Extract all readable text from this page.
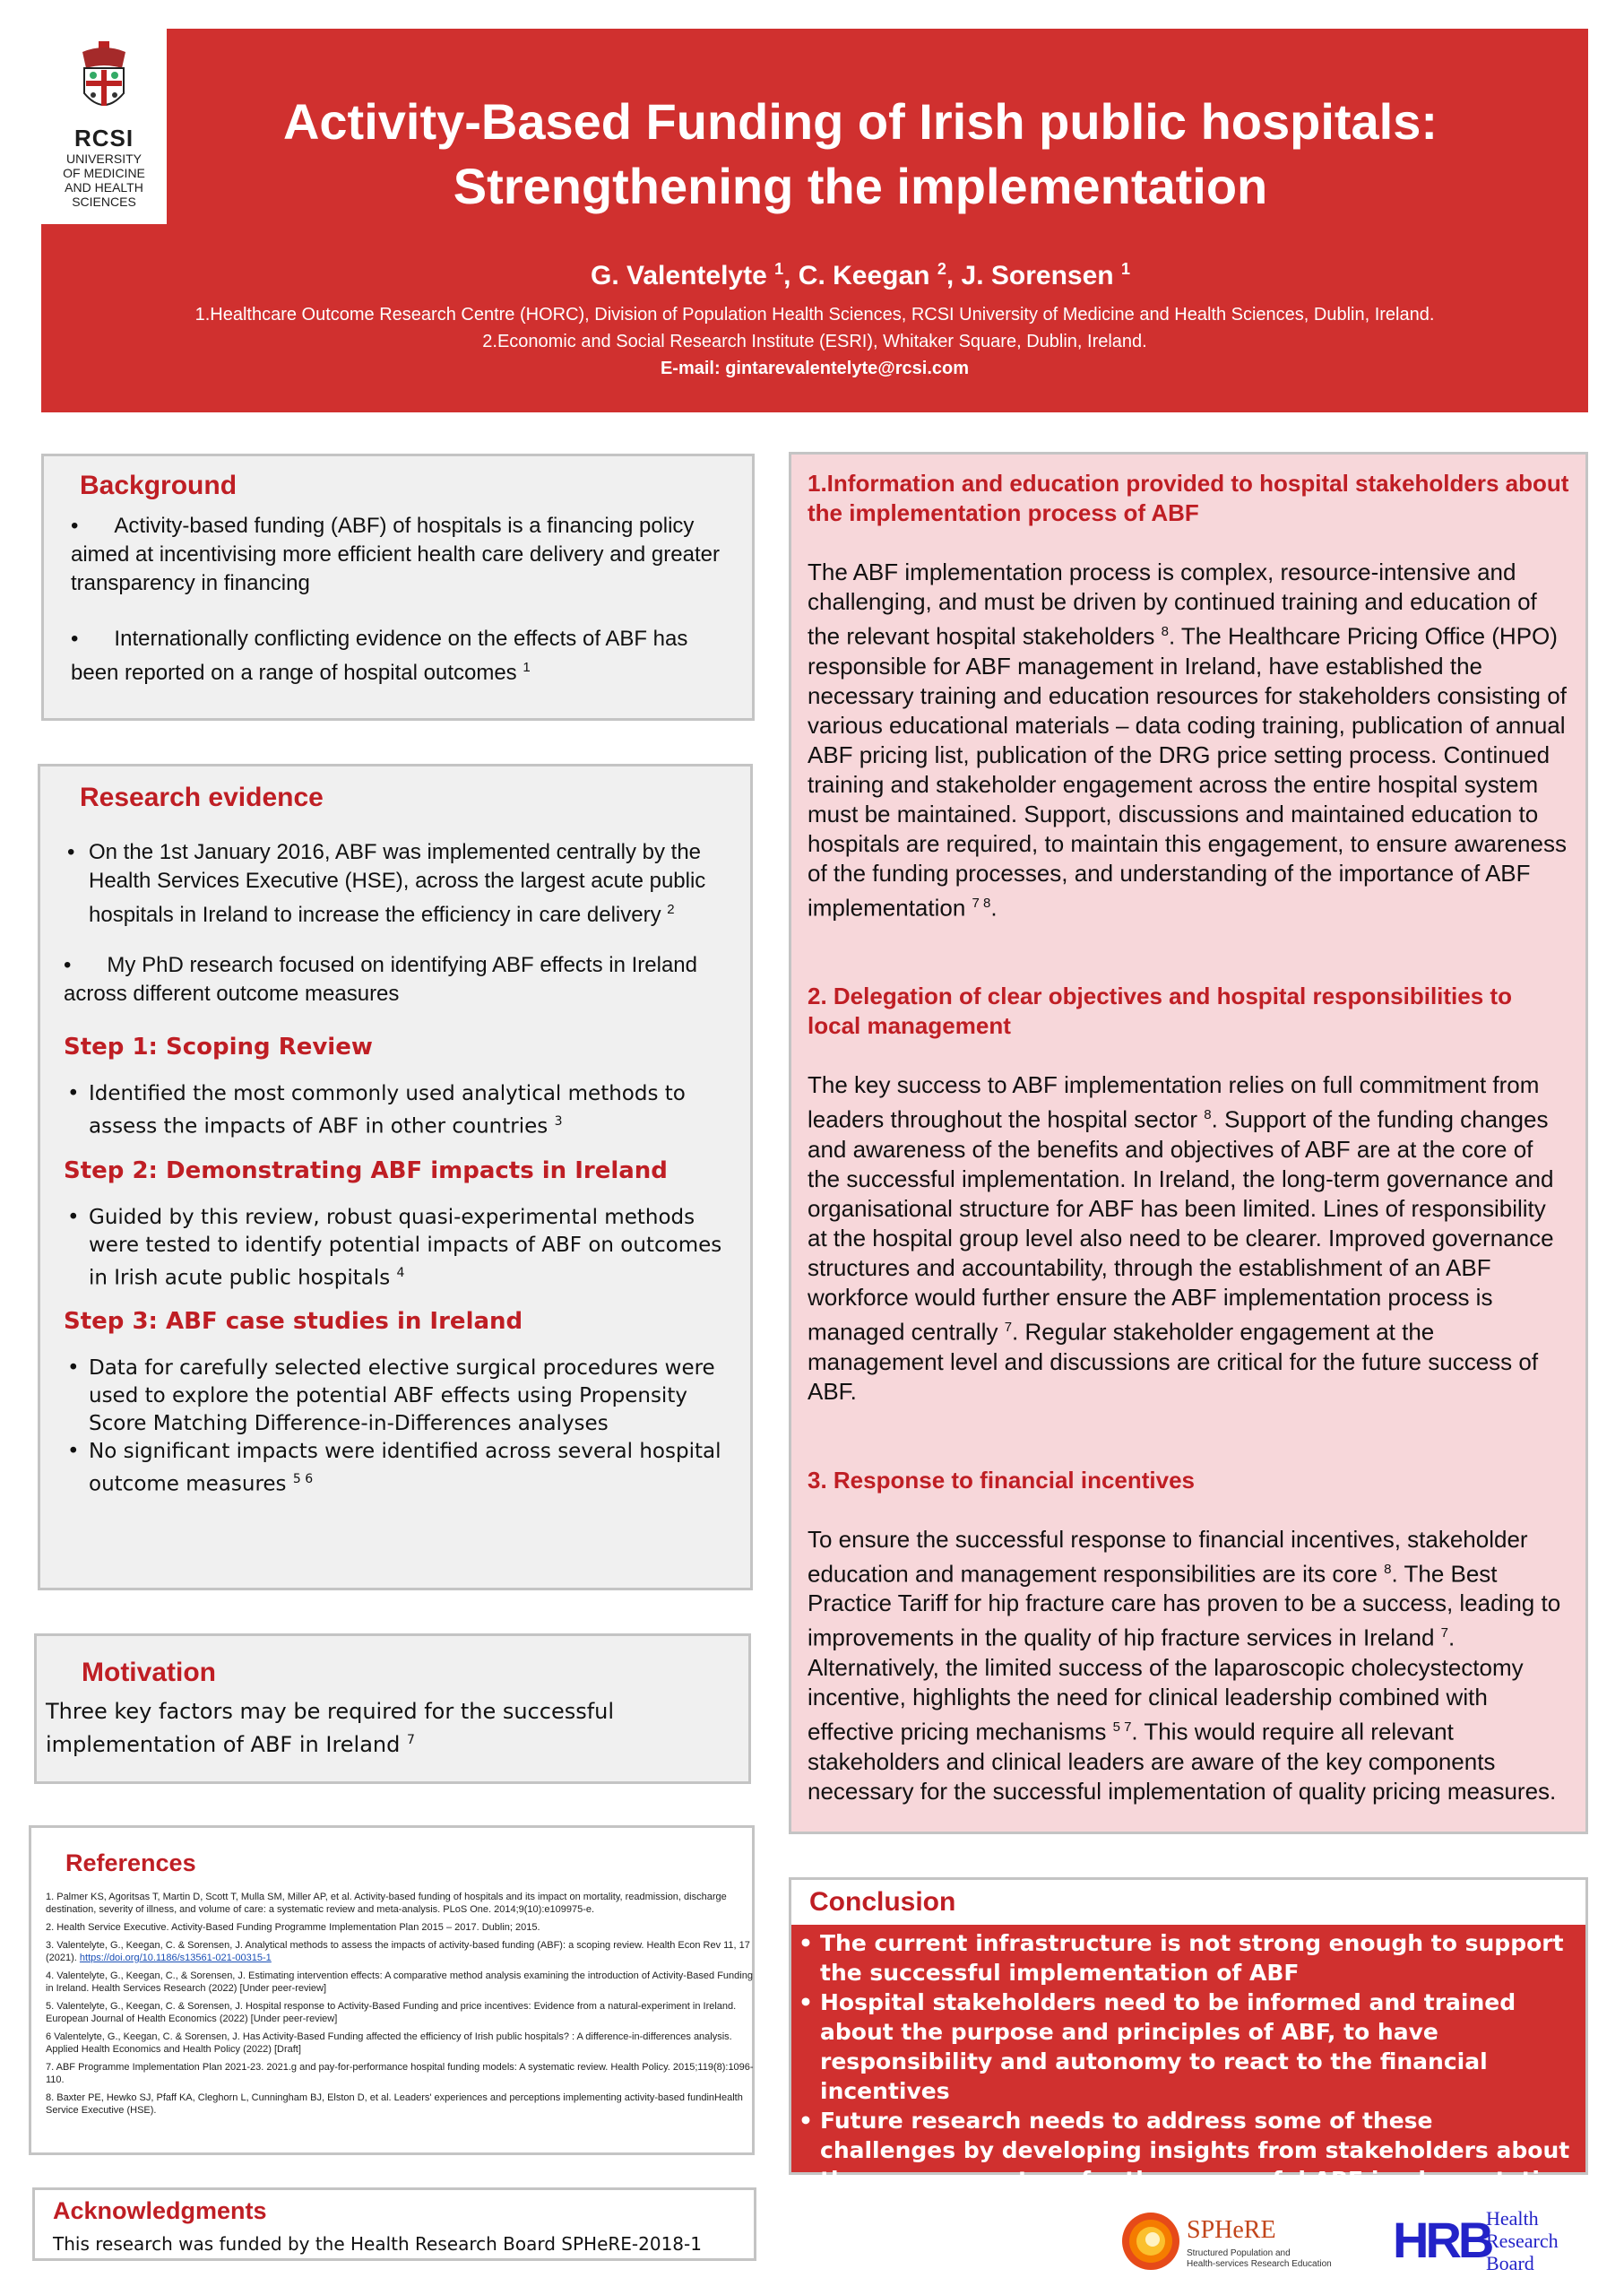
RCSI
UNIVERSITY
OF MEDICINE
AND HEALTH
SCIENCES
Activity-Based Funding of Irish public hospitals:
Strengthening the implementation
G. Valentelyte $^1$, C. Keegan $^2$, J. Sorensen $^1$
1.Healthcare Outcome Research Centre (HORC), Division of Population Health Sciences, RCSI University of Medicine and Health Sciences, Dublin, Ireland.
2.Economic and Social Research Institute (ESRI), Whitaker Square, Dublin, Ireland.
E-mail: gintarevalentelyte@rcsi.com
Background
•      Activity-based funding (ABF) of hospitals is a financing policy aimed at incentivising more efficient health care delivery and greater transparency in financing
•      Internationally conflicting evidence on the effects of ABF has been reported on a range of hospital outcomes $^1$
Research evidence
• On the 1st January 2016, ABF was implemented centrally by the Health Services Executive (HSE), across the largest acute public hospitals in Ireland to increase the efficiency in care delivery $^2$
•      My PhD research focused on identifying ABF effects in Ireland across different outcome measures
Step 1: Scoping Review
• Identified the most commonly used analytical methods to assess the impacts of ABF in other countries $^3$
Step 2: Demonstrating ABF impacts in Ireland
• Guided by this review, robust quasi-experimental methods were tested to identify potential impacts of ABF on outcomes in Irish acute public hospitals $^4$
Step 3: ABF case studies in Ireland
• Data for carefully selected elective surgical procedures were used to explore the potential ABF effects using Propensity Score Matching Difference-in-Differences analyses
• No significant impacts were identified across several hospital outcome measures $^{5 6}$
Motivation
Three key factors may be required for the successful implementation of ABF in Ireland $^7$
References
1. Palmer KS, Agoritsas T, Martin D, Scott T, Mulla SM, Miller AP, et al. Activity-based funding of hospitals and its impact on mortality, readmission, discharge destination, severity of illness, and volume of care: a systematic review and meta-analysis. PLoS One. 2014;9(10):e109975-e.
2. Health Service Executive. Activity-Based Funding Programme Implementation Plan 2015 – 2017. Dublin; 2015.
3. Valentelyte, G., Keegan, C. & Sorensen, J. Analytical methods to assess the impacts of activity-based funding (ABF): a scoping review. Health Econ Rev 11, 17 (2021). https://doi.org/10.1186/s13561-021-00315-1
4. Valentelyte, G., Keegan, C., & Sorensen, J. Estimating intervention effects: A comparative method analysis examining the introduction of Activity-Based Funding in Ireland. Health Services Research (2022) [Under peer-review]
5. Valentelyte, G., Keegan, C. & Sorensen, J. Hospital response to Activity-Based Funding and price incentives: Evidence from a natural-experiment in Ireland. European Journal of Health Economics (2022) [Under peer-review]
6 Valentelyte, G., Keegan, C. & Sorensen, J. Has Activity-Based Funding affected the efficiency of Irish public hospitals? : A difference-in-differences analysis. Applied Health Economics and Health Policy (2022) [Draft]
7. ABF Programme Implementation Plan 2021-23. 2021.g and pay-for-performance hospital funding models: A systematic review. Health Policy. 2015;119(8):1096-110.
8. Baxter PE, Hewko SJ, Pfaff KA, Cleghorn L, Cunningham BJ, Elston D, et al. Leaders' experiences and perceptions implementing activity-based fundinHealth Service Executive (HSE).
Acknowledgments
This research was funded by the Health Research Board SPHeRE-2018-1
1.Information and education provided to hospital stakeholders about the implementation process of ABF
The ABF implementation process is complex, resource-intensive and challenging, and must be driven by continued training and education of the relevant hospital stakeholders $^8$. The Healthcare Pricing Office (HPO) responsible for ABF management in Ireland, have established the necessary training and education resources for stakeholders consisting of various educational materials – data coding training, publication of annual ABF pricing list, publication of the DRG price setting process. Continued training and stakeholder engagement across the entire hospital system must be maintained. Support, discussions and maintained education to hospitals are required, to maintain this engagement, to ensure awareness of the funding processes, and understanding of the importance of ABF implementation $^{7 8}$.
2. Delegation of clear objectives and hospital responsibilities to local management
The key success to ABF implementation relies on full commitment from leaders throughout the hospital sector $^8$. Support of the funding changes and awareness of the benefits and objectives of ABF are at the core of the successful implementation. In Ireland, the long-term governance and organisational structure for ABF has been limited. Lines of responsibility at the hospital group level also need to be clearer. Improved governance structures and accountability, through the establishment of an ABF workforce would further ensure the ABF implementation process is managed centrally $^7$. Regular stakeholder engagement at the management level and discussions are critical for the future success of ABF.
3. Response to financial incentives
To ensure the successful response to financial incentives, stakeholder education and management responsibilities are its core $^8$. The Best Practice Tariff for hip fracture care has proven to be a success, leading to improvements in the quality of hip fracture services in Ireland $^7$. Alternatively, the limited success of the laparoscopic cholecystectomy incentive, highlights the need for clinical leadership combined with effective pricing mechanisms $^{5 7}$. This would require all relevant stakeholders and clinical leaders are aware of the key components necessary for the successful implementation of quality pricing measures.
Conclusion
• The current infrastructure is not strong enough to support the successful implementation of ABF
• Hospital stakeholders need to be informed and trained about the purpose and principles of ABF, to have responsibility and autonomy to react to the financial incentives
• Future research needs to address some of these challenges by developing insights from stakeholders about the necessary steps for the successful ABF implementation
SPHeRE
Structured Population and
Health-services Research Education HRB
Health
Research
Board
